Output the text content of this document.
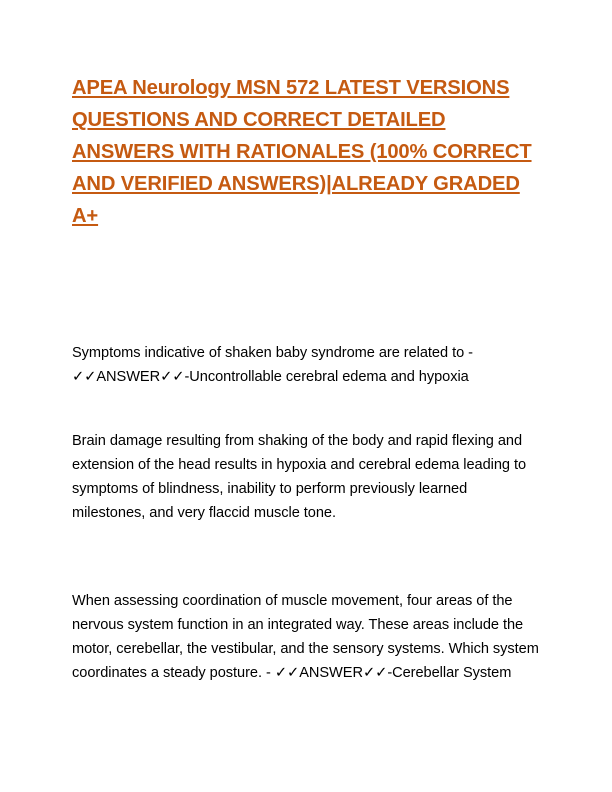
APEA Neurology MSN 572 LATEST VERSIONS QUESTIONS AND CORRECT DETAILED ANSWERS WITH RATIONALES (100% CORRECT AND VERIFIED ANSWERS)|ALREADY GRADED A+

Symptoms indicative of shaken baby syndrome are related to - ✓✓ANSWER✓✓-Uncontrollable cerebral edema and hypoxia

Brain damage resulting from shaking of the body and rapid flexing and extension of the head results in hypoxia and cerebral edema leading to symptoms of blindness, inability to perform previously learned milestones, and very flaccid muscle tone.

When assessing coordination of muscle movement, four areas of the nervous system function in an integrated way. These areas include the motor, cerebellar, the vestibular, and the sensory systems. Which system coordinates a steady posture. - ✓✓ANSWER✓✓-Cerebellar System
